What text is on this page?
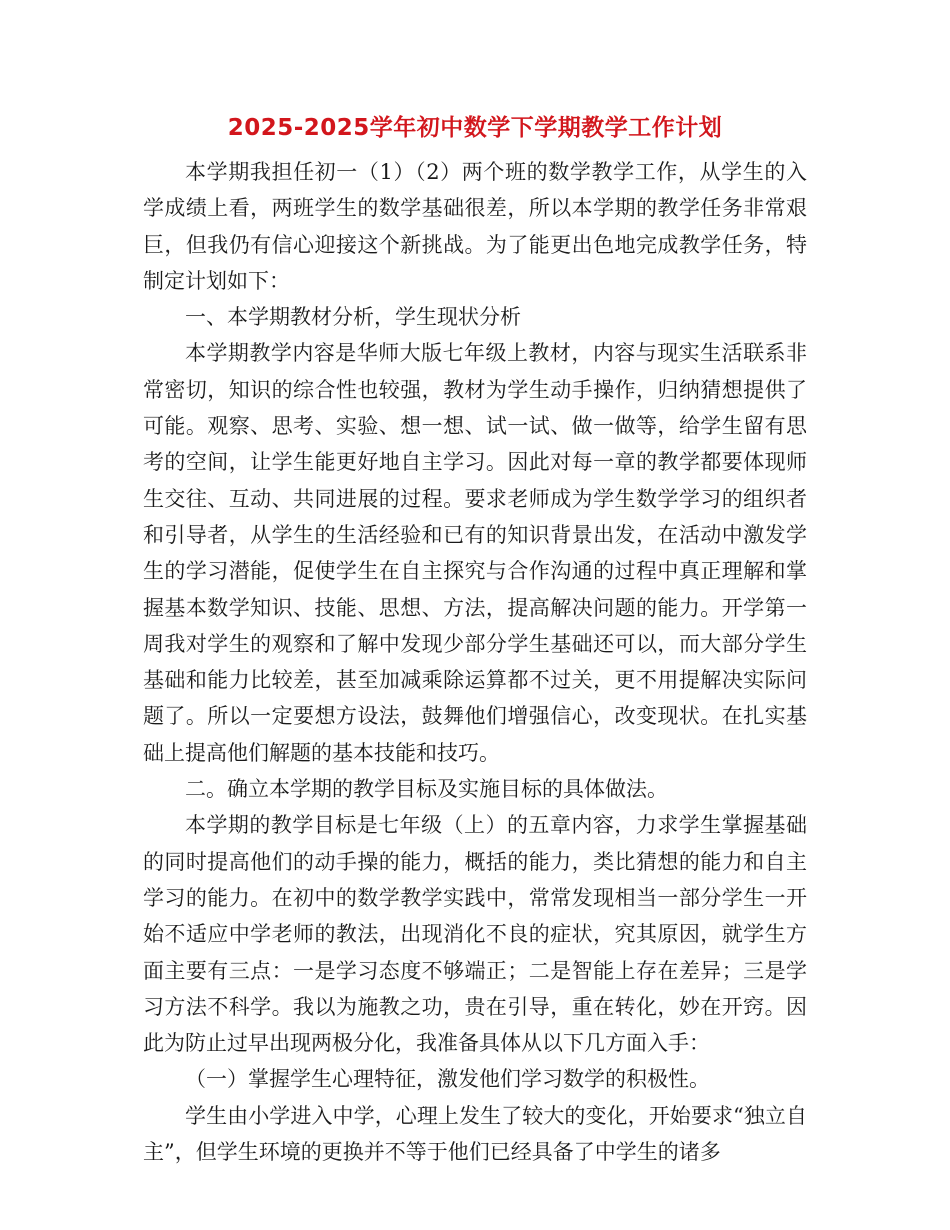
2025-2025学年初中数学下学期教学工作计划

本学期我担任初一（1）（2）两个班的数学教学工作，从学生的入学成绩上看，两班学生的数学基础很差，所以本学期的教学任务非常艰巨，但我仍有信心迎接这个新挑战。为了能更出色地完成教学任务，特制定计划如下：

一、本学期教材分析，学生现状分析

本学期教学内容是华师大版七年级上教材，内容与现实生活联系非常密切，知识的综合性也较强，教材为学生动手操作，归纳猜想提供了可能。观察、思考、实验、想一想、试一试、做一做等，给学生留有思考的空间，让学生能更好地自主学习。因此对每一章的教学都要体现师生交往、互动、共同进展的过程。要求老师成为学生数学学习的组织者和引导者，从学生的生活经验和已有的知识背景出发，在活动中激发学生的学习潜能，促使学生在自主探究与合作沟通的过程中真正理解和掌握基本数学知识、技能、思想、方法，提高解决问题的能力。开学第一周我对学生的观察和了解中发现少部分学生基础还可以，而大部分学生基础和能力比较差，甚至加减乘除运算都不过关，更不用提解决实际问题了。所以一定要想方设法，鼓舞他们增强信心，改变现状。在扎实基础上提高他们解题的基本技能和技巧。

二。确立本学期的教学目标及实施目标的具体做法。

本学期的教学目标是七年级（上）的五章内容，力求学生掌握基础的同时提高他们的动手操的能力，概括的能力，类比猜想的能力和自主学习的能力。在初中的数学教学实践中，常常发现相当一部分学生一开始不适应中学老师的教法，出现消化不良的症状，究其原因，就学生方面主要有三点：一是学习态度不够端正；二是智能上存在差异；三是学习方法不科学。我以为施教之功，贵在引导，重在转化，妙在开窍。因此为防止过早出现两极分化，我准备具体从以下几方面入手：

（一）掌握学生心理特征，激发他们学习数学的积极性。

学生由小学进入中学，心理上发生了较大的变化，开始要求“独立自主”，但学生环境的更换并不等于他们已经具备了中学生的诸多
